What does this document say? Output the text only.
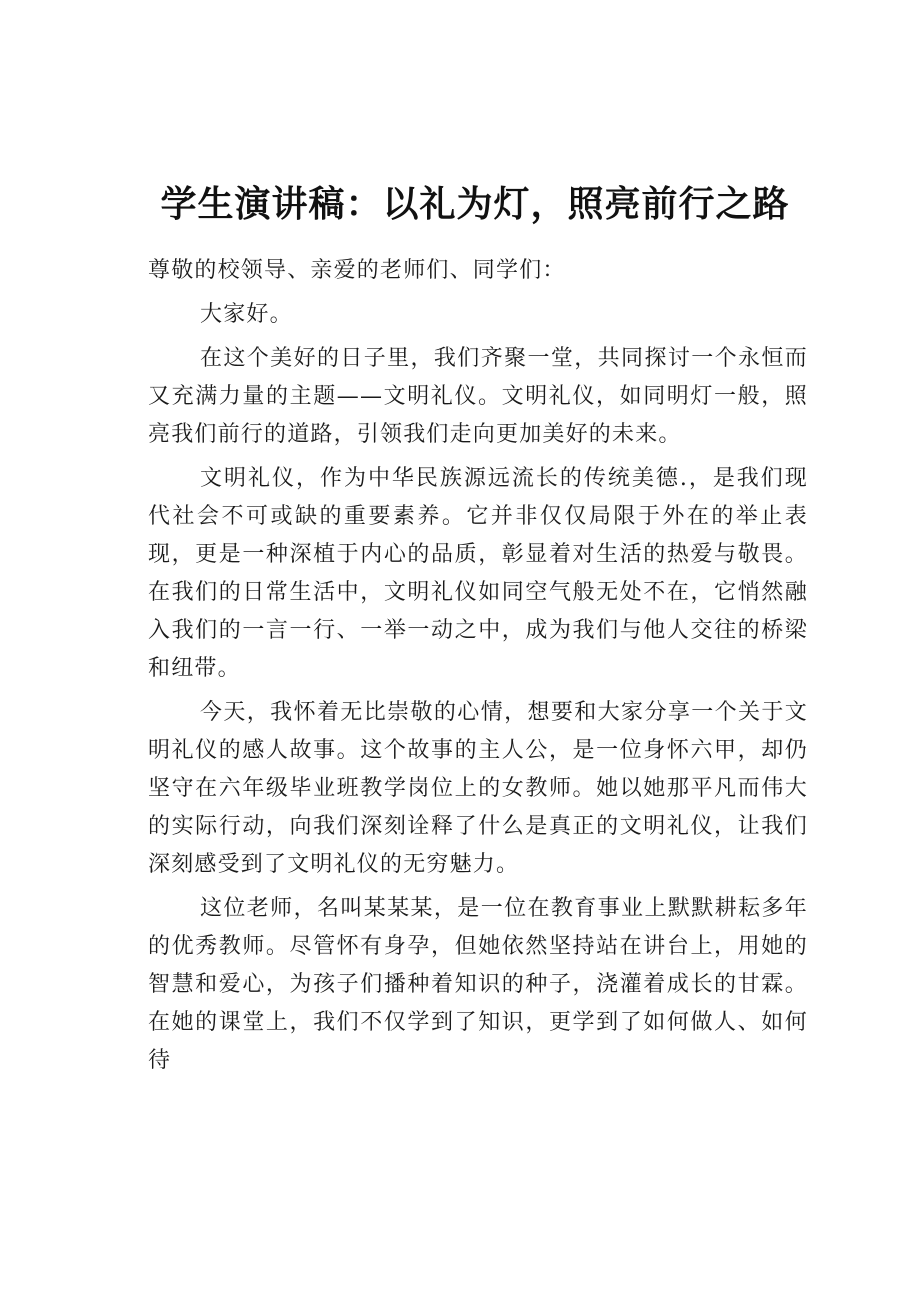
学生演讲稿：以礼为灯，照亮前行之路

尊敬的校领导、亲爱的老师们、同学们：

大家好。

在这个美好的日子里，我们齐聚一堂，共同探讨一个永恒而又充满力量的主题——文明礼仪。文明礼仪，如同明灯一般，照亮我们前行的道路，引领我们走向更加美好的未来。

文明礼仪，作为中华民族源远流长的传统美德.，是我们现代社会不可或缺的重要素养。它并非仅仅局限于外在的举止表现，更是一种深植于内心的品质，彰显着对生活的热爱与敬畏。在我们的日常生活中，文明礼仪如同空气般无处不在，它悄然融入我们的一言一行、一举一动之中，成为我们与他人交往的桥梁和纽带。

今天，我怀着无比崇敬的心情，想要和大家分享一个关于文明礼仪的感人故事。这个故事的主人公，是一位身怀六甲，却仍坚守在六年级毕业班教学岗位上的女教师。她以她那平凡而伟大的实际行动，向我们深刻诠释了什么是真正的文明礼仪，让我们深刻感受到了文明礼仪的无穷魅力。

这位老师，名叫某某某，是一位在教育事业上默默耕耘多年的优秀教师。尽管怀有身孕，但她依然坚持站在讲台上，用她的智慧和爱心，为孩子们播种着知识的种子，浇灌着成长的甘霖。在她的课堂上，我们不仅学到了知识，更学到了如何做人、如何待
